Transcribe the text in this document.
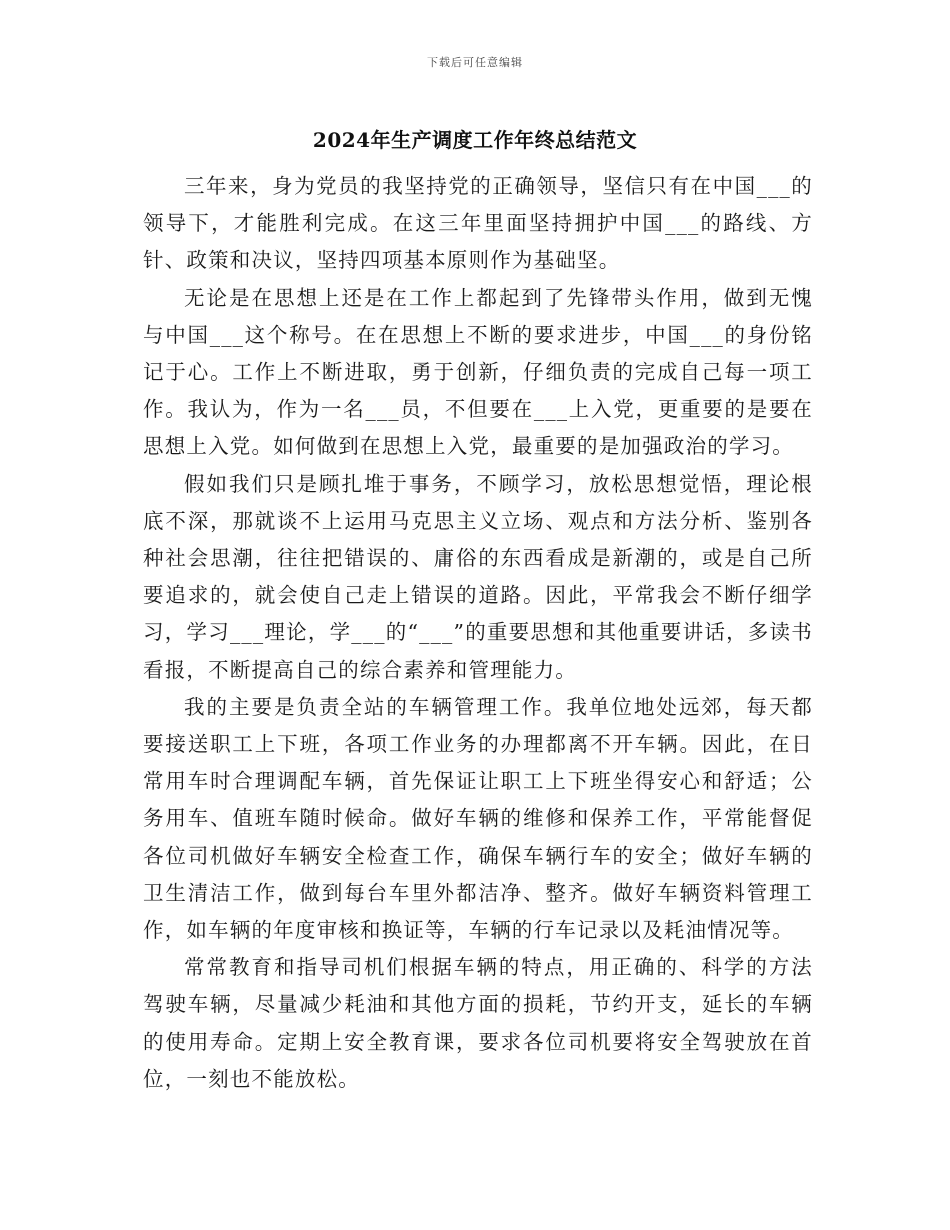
下载后可任意编辑
2024年生产调度工作年终总结范文

三年来，身为党员的我坚持党的正确领导，坚信只有在中国___的领导下，才能胜利完成。在这三年里面坚持拥护中国___的路线、方针、政策和决议，坚持四项基本原则作为基础坚。

无论是在思想上还是在工作上都起到了先锋带头作用，做到无愧与中国___这个称号。在在思想上不断的要求进步，中国___的身份铭记于心。工作上不断进取，勇于创新，仔细负责的完成自己每一项工作。我认为，作为一名___员，不但要在___上入党，更重要的是要在思想上入党。如何做到在思想上入党，最重要的是加强政治的学习。

假如我们只是顾扎堆于事务，不顾学习，放松思想觉悟，理论根底不深，那就谈不上运用马克思主义立场、观点和方法分析、鉴别各种社会思潮，往往把错误的、庸俗的东西看成是新潮的，或是自己所要追求的，就会使自己走上错误的道路。因此，平常我会不断仔细学习，学习___理论，学___的“___”的重要思想和其他重要讲话，多读书看报，不断提高自己的综合素养和管理能力。

我的主要是负责全站的车辆管理工作。我单位地处远郊，每天都要接送职工上下班，各项工作业务的办理都离不开车辆。因此，在日常用车时合理调配车辆，首先保证让职工上下班坐得安心和舒适；公务用车、值班车随时候命。做好车辆的维修和保养工作，平常能督促各位司机做好车辆安全检查工作，确保车辆行车的安全；做好车辆的卫生清洁工作，做到每台车里外都洁净、整齐。做好车辆资料管理工作，如车辆的年度审核和换证等，车辆的行车记录以及耗油情况等。

常常教育和指导司机们根据车辆的特点，用正确的、科学的方法驾驶车辆，尽量减少耗油和其他方面的损耗，节约开支，延长的车辆的使用寿命。定期上安全教育课，要求各位司机要将安全驾驶放在首位，一刻也不能放松。
